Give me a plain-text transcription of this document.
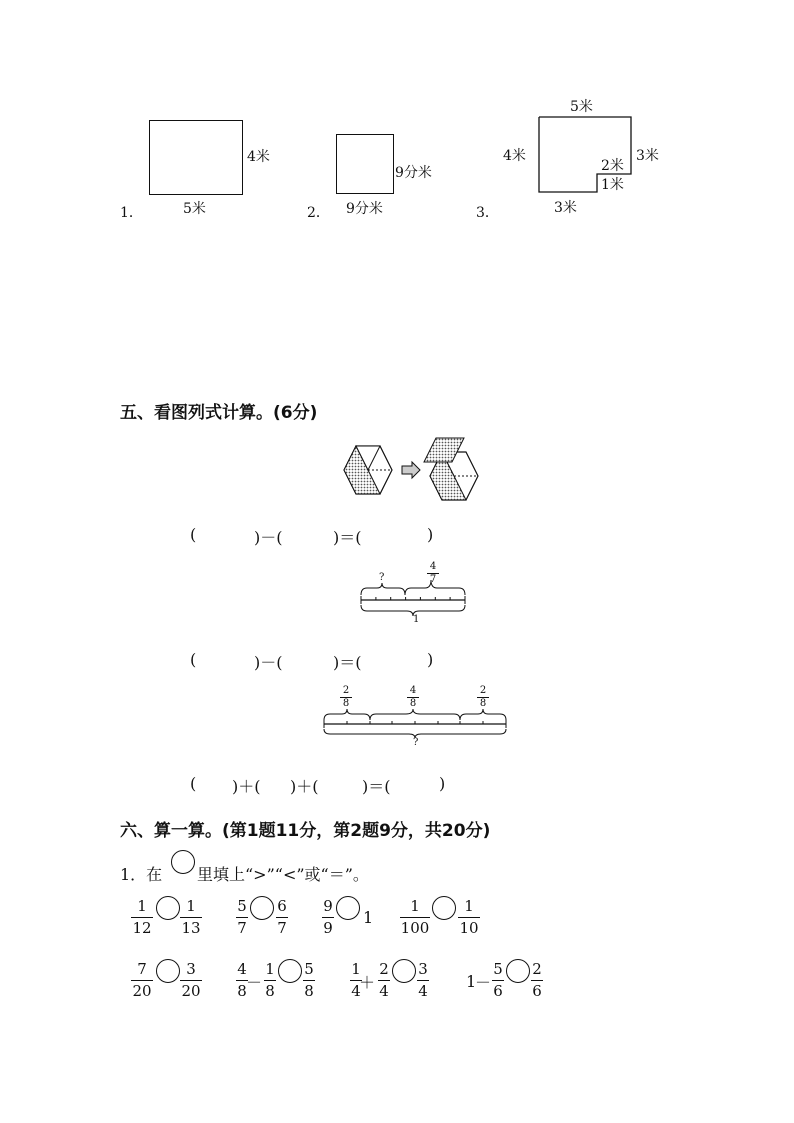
4米
5米
1．
9分米
9分米
2．
5米
4米	3米
2米
1米
3米
3．
五、看图列式计算。(6分)
(	)－(	)＝(	)
?
4
7
1
(	)－(	)＝(	)
2
8
4
8
2
8
?
( )＋( )＋(	)＝(	)
六、算一算。(第1题11分，第2题9分，共20分)
1．在 里填上“>”“<”或“＝”。
1
12
1
13
5
7
6
7
9
9
1
1
100
1
10
7
20
3
20
4
8 －
1
8
5
8
1
4
＋
2
4
3
4 1
－
5
6
2
6
